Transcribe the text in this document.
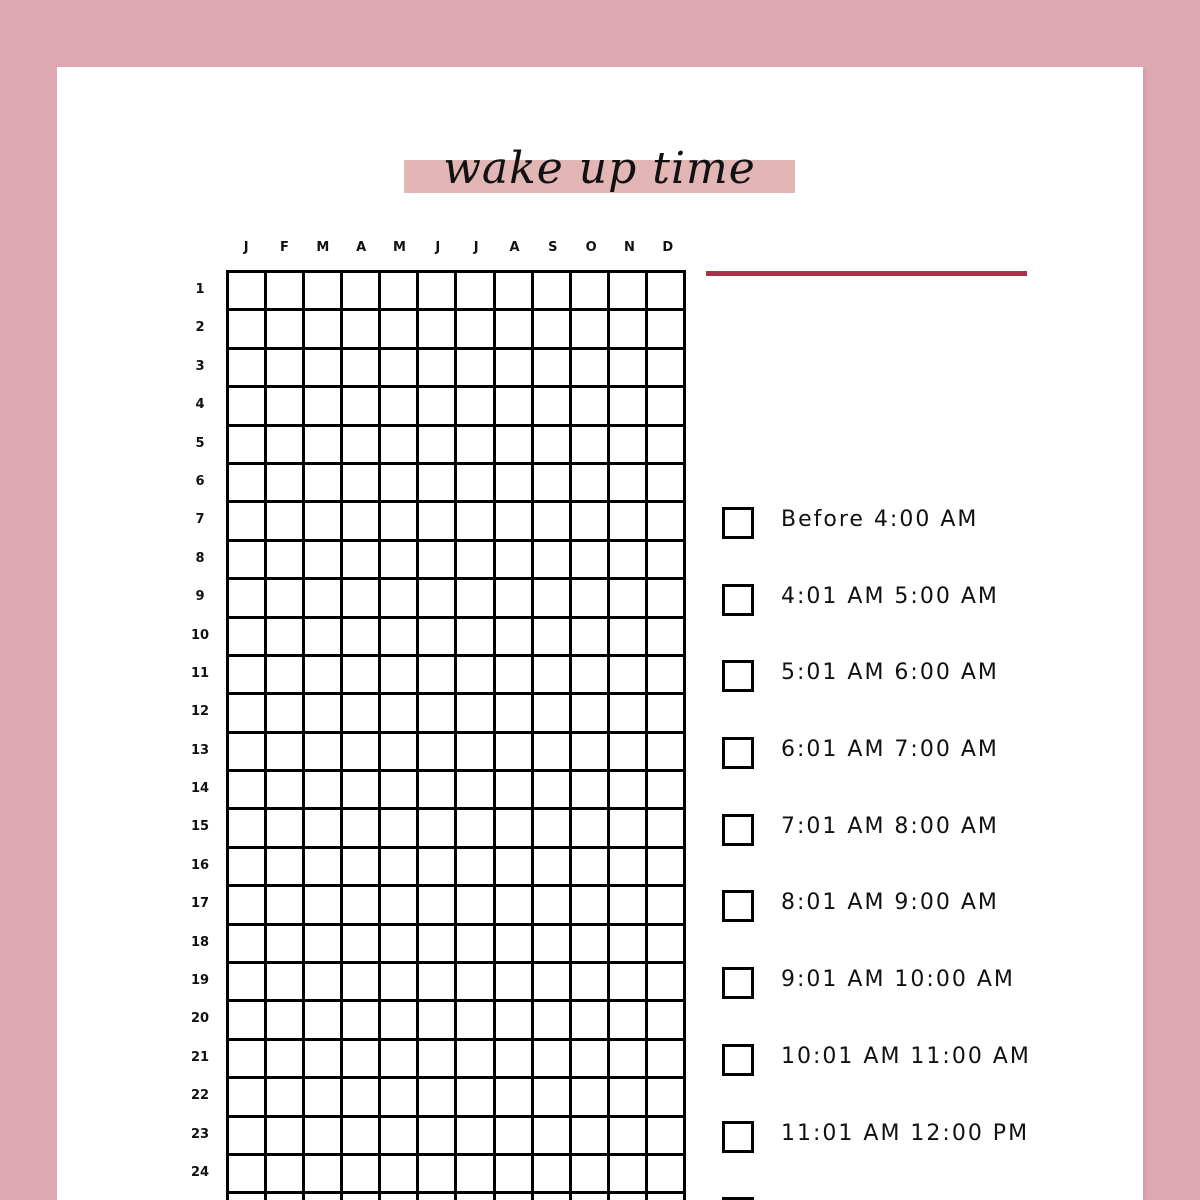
wake up time
J	F	M	A	M	J	J	A	S	O	N	D
1
2
3
4
5
6
7
8
9
10
11
12
13
14
15
16
17
18
19
20
21
22
23
24
Before 4:00 AM
4:01 AM 5:00 AM
5:01 AM 6:00 AM
6:01 AM 7:00 AM
7:01 AM 8:00 AM
8:01 AM 9:00 AM
9:01 AM 10:00 AM
10:01 AM 11:00 AM
11:01 AM 12:00 PM
